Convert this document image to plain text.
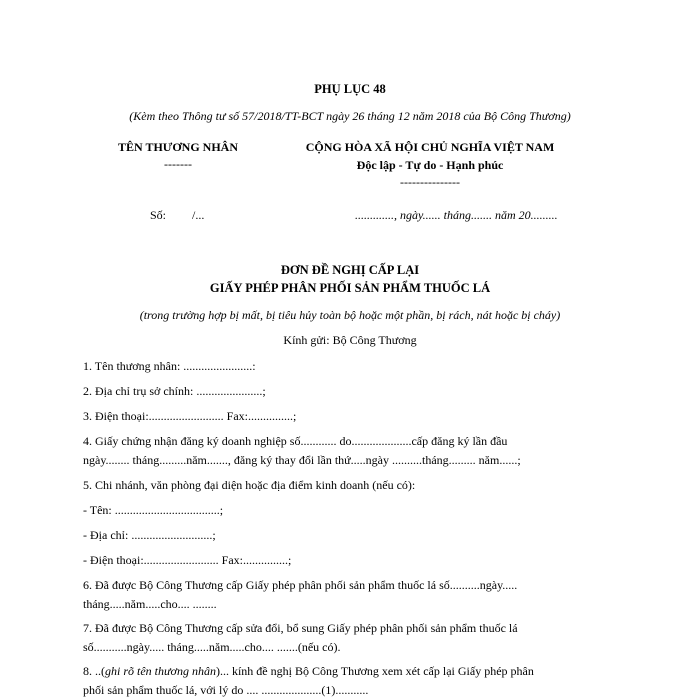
PHỤ LỤC 48
(Kèm theo Thông tư số 57/2018/TT-BCT ngày 26 tháng 12 năm 2018 của Bộ Công Thương)
TÊN THƯƠNG NHÂN
-------
CỘNG HÒA XÃ HỘI CHỦ NGHĨA VIỆT NAM
Độc lập - Tự do - Hạnh phúc
---------------
Số: /...	............., ngày...... tháng....... năm 20.........
ĐƠN ĐỀ NGHỊ CẤP LẠI
GIẤY PHÉP PHÂN PHỐI SẢN PHẨM THUỐC LÁ
(trong trường hợp bị mất, bị tiêu hủy toàn bộ hoặc một phần, bị rách, nát hoặc bị cháy)
Kính gửi: Bộ Công Thương
1. Tên thương nhân: .......................:
2. Địa chỉ trụ sở chính: ......................;
3. Điện thoại:......................... Fax:...............;
4. Giấy chứng nhận đăng ký doanh nghiệp số............ do....................cấp đăng ký lần đầu
ngày........ tháng.........năm......., đăng ký thay đổi lần thứ.....ngày ..........tháng......... năm......;
5. Chi nhánh, văn phòng đại diện hoặc địa điểm kinh doanh (nếu có):
- Tên: ...................................;
- Địa chỉ: ...........................;
- Điện thoại:......................... Fax:...............;
6. Đã được Bộ Công Thương cấp Giấy phép phân phối sản phẩm thuốc lá số..........ngày.....
tháng.....năm.....cho.... ........
7. Đã được Bộ Công Thương cấp sửa đổi, bổ sung Giấy phép phân phối sản phẩm thuốc lá
số...........ngày..... tháng.....năm.....cho.... .......(nếu có).
8. ..(ghi rõ tên thương nhân)... kính đề nghị Bộ Công Thương xem xét cấp lại Giấy phép phân
phối sản phẩm thuốc lá, với lý do .... ....................(1)...........
